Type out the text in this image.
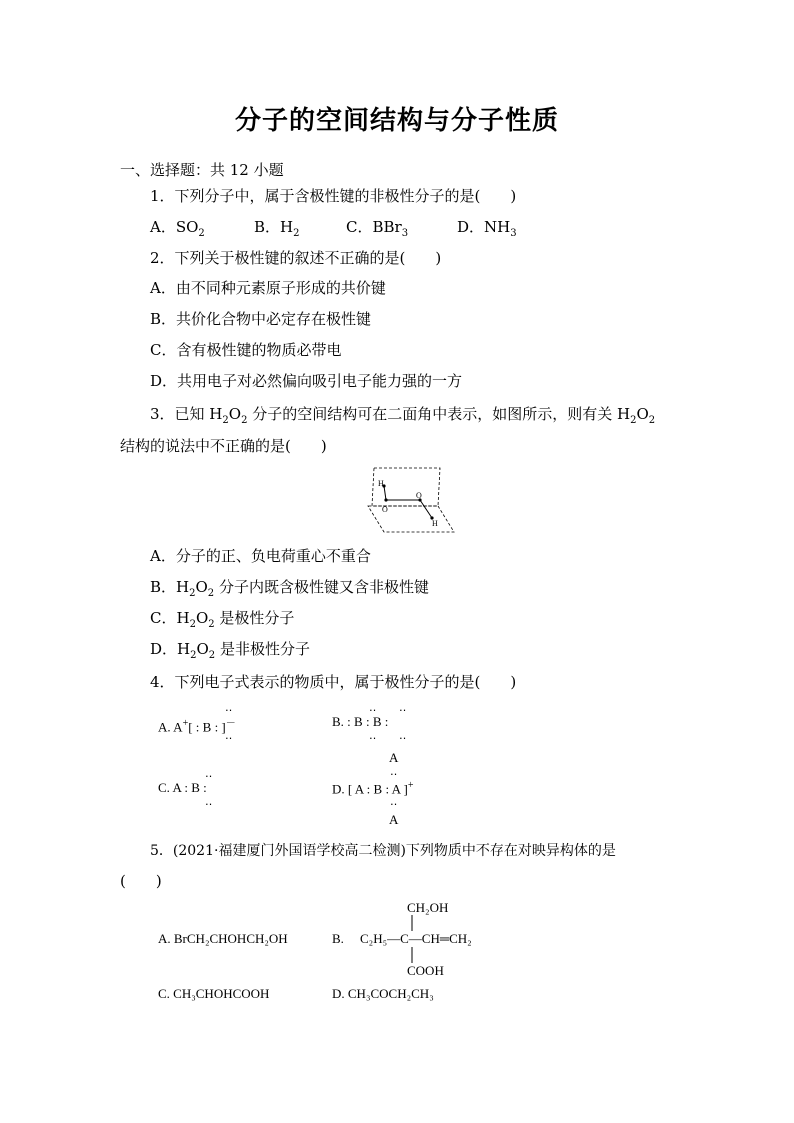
分子的空间结构与分子性质
一、选择题：共 12 小题
1．下列分子中，属于含极性键的非极性分子的是(　　)
A．$SO_2$	B．$H_2$	C．BBr$_3$	D．$NH_3$
2．下列关于极性键的叙述不正确的是(　　)
A．由不同种元素原子形成的共价键
B．共价化合物中必定存在极性键
C．含有极性键的物质必带电
D．共用电子对必然偏向吸引电子能力强的一方
3．已知 $H_2O_2$ 分子的空间结构可在二面角中表示，如图所示，则有关 $H_2O_2$
结构的说法中不正确的是(　　)
H
O
O
H
A．分子的正、负电荷重心不重合
B．$H_2O_2$ 分子内既含极性键又含非极性键
C．$H_2O_2$ 是极性分子
D．$H_2O_2$ 是非极性分子
4．下列电子式表示的物质中，属于极性分子的是(　　)
A. A+[ : B : ]－
‥
‥
B. : B : B :
‥ ‥
‥ ‥
C. A : B :
‥
‥
A
‥
D. [ A : B : A ]+
‥
A
5．(2021·福建厦门外国语学校高二检测)下列物质中不存在对映异构体的是
(　　)
A. BrCH₂CHOHCH₂OH	B.
CH₂OH
C₂H₅—C—CH═CH₂
COOH
C. CH₃CHOHCOOH	D. CH₃COCH₂CH₃
